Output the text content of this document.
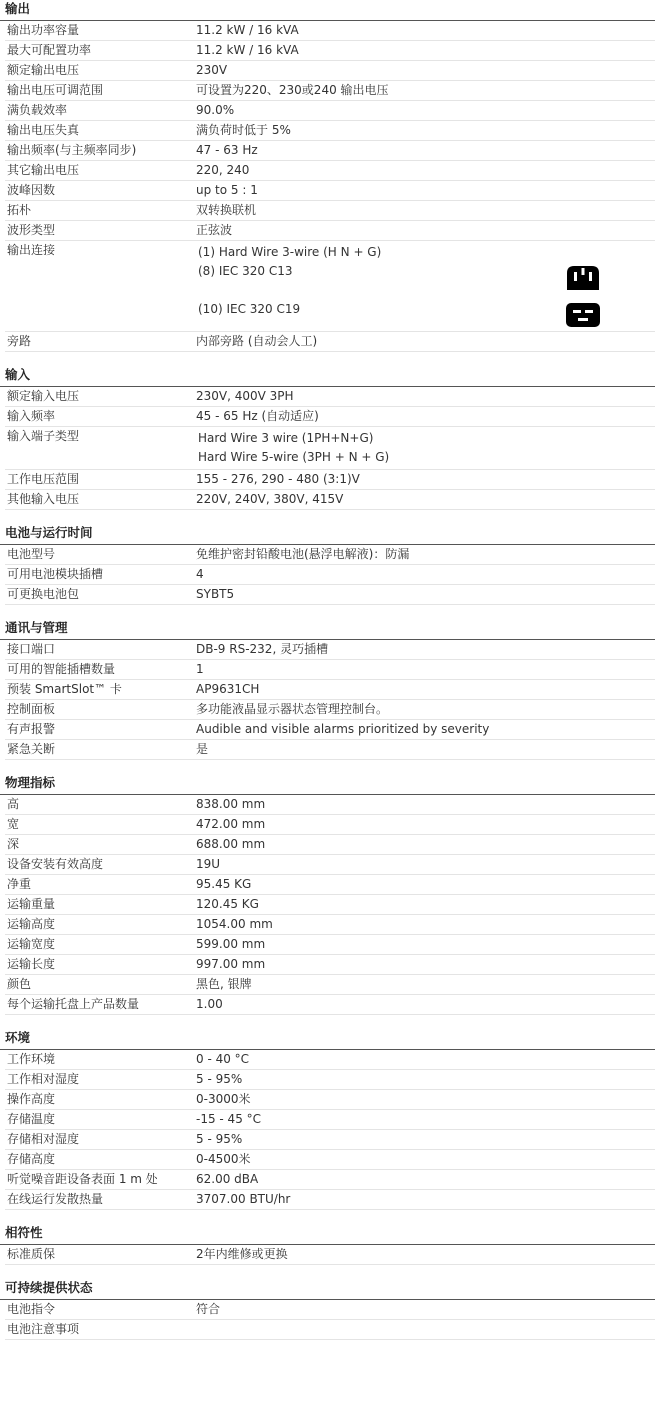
输出
输出功率容量	11.2 kW / 16 kVA
最大可配置功率	11.2 kW / 16 kVA
额定输出电压	230V
输出电压可调范围	可设置为220、230或240 输出电压
满负载效率	90.0%
输出电压失真	满负荷时低于 5%
输出频率(与主频率同步)	47 - 63 Hz
其它输出电压	220, 240
波峰因数	up to 5 : 1
拓朴	双转换联机
波形类型	正弦波
输出连接	(1) Hard Wire 3-wire (H N + G)
(8) IEC 320 C13
(10) IEC 320 C19

旁路	内部旁路 (自动会人工)
输入
额定输入电压	230V, 400V 3PH
输入频率	45 - 65 Hz (自动适应)
输入端子类型	Hard Wire 3 wire (1PH+N+G)
Hard Wire 5-wire (3PH + N + G)

工作电压范围	155 - 276, 290 - 480 (3:1)V
其他输入电压	220V, 240V, 380V, 415V
电池与运行时间
电池型号	免维护密封铅酸电池(悬浮电解液)：防漏
可用电池模块插槽	4
可更换电池包	SYBT5
通讯与管理
接口端口	DB-9 RS-232, 灵巧插槽
可用的智能插槽数量	1
预装 SmartSlot™ 卡	AP9631CH
控制面板	多功能液晶显示器状态管理控制台。
有声报警	Audible and visible alarms prioritized by severity
紧急关断	是
物理指标
高	838.00 mm
宽	472.00 mm
深	688.00 mm
设备安装有效高度	19U
净重	95.45 KG
运输重量	120.45 KG
运输高度	1054.00 mm
运输宽度	599.00 mm
运输长度	997.00 mm
颜色	黑色, 银牌
每个运输托盘上产品数量	1.00
环境
工作环境	0 - 40 °C
工作相对湿度	5 - 95%
操作高度	0-3000米
存储温度	-15 - 45 °C
存储相对湿度	5 - 95%
存储高度	0-4500米
听觉噪音距设备表面 1 m 处	62.00 dBA
在线运行发散热量	3707.00 BTU/hr
相符性
标准质保	2年内维修或更换
可持续提供状态
电池指令	符合
电池注意事项	
